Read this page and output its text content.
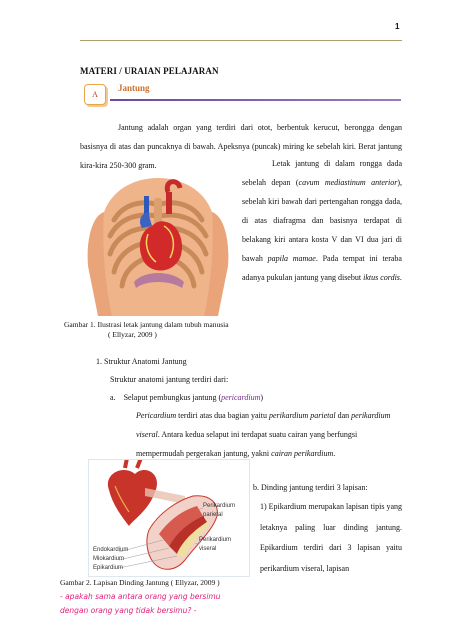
1
MATERI / URAIAN PELAJARAN
A
Jantung
Jantung adalah organ yang terdiri dari otot, berbentuk kerucut, berongga dengan basisnya di atas dan puncaknya di bawah. Apeksnya (puncak) miring ke sebelah kiri. Berat jantung kira-kira 250-300 gram.	Letak jantung di dalam rongga dada sebelah depan (cavum mediastinum anterior), sebelah kiri bawah dari pertengahan rongga dada, di atas diafragma dan basisnya terdapat di belakang kiri antara kosta V dan VI dua jari di bawah papila mamae. Pada tempat ini teraba adanya pukulan jantung yang disebut iktus cordis.
Gambar 1. Ilustrasi letak jantung dalam tubuh manusia
( Ellyzar, 2009 )
1. Struktur Anatomi Jantung
Struktur anatomi jantung terdiri dari:
a. Selaput pembungkus jantung (pericardium)
Pericardium terdiri atas dua bagian yaitu perikardium parietal dan perikardium viseral. Antara kedua selaput ini terdapat suatu cairan yang berfungsi mempermudah pergerakan jantung, yakni cairan perikardium.
Perikardium
parietal
Perikardium
viseral
Endokardium
Miokardium
Epikardium
Gambar 2. Lapisan Dinding Jantung ( Ellyzar, 2009 )
- apakah sama antara orang yang bersimu
dengan orang yang tidak bersimu? -
b. Dinding jantung terdiri 3 lapisan:
1) Epikardium merupakan lapisan tipis yang letaknya paling luar dinding jantung. Epikardium terdiri dari 3 lapisan yaitu perikardium viseral, lapisan
